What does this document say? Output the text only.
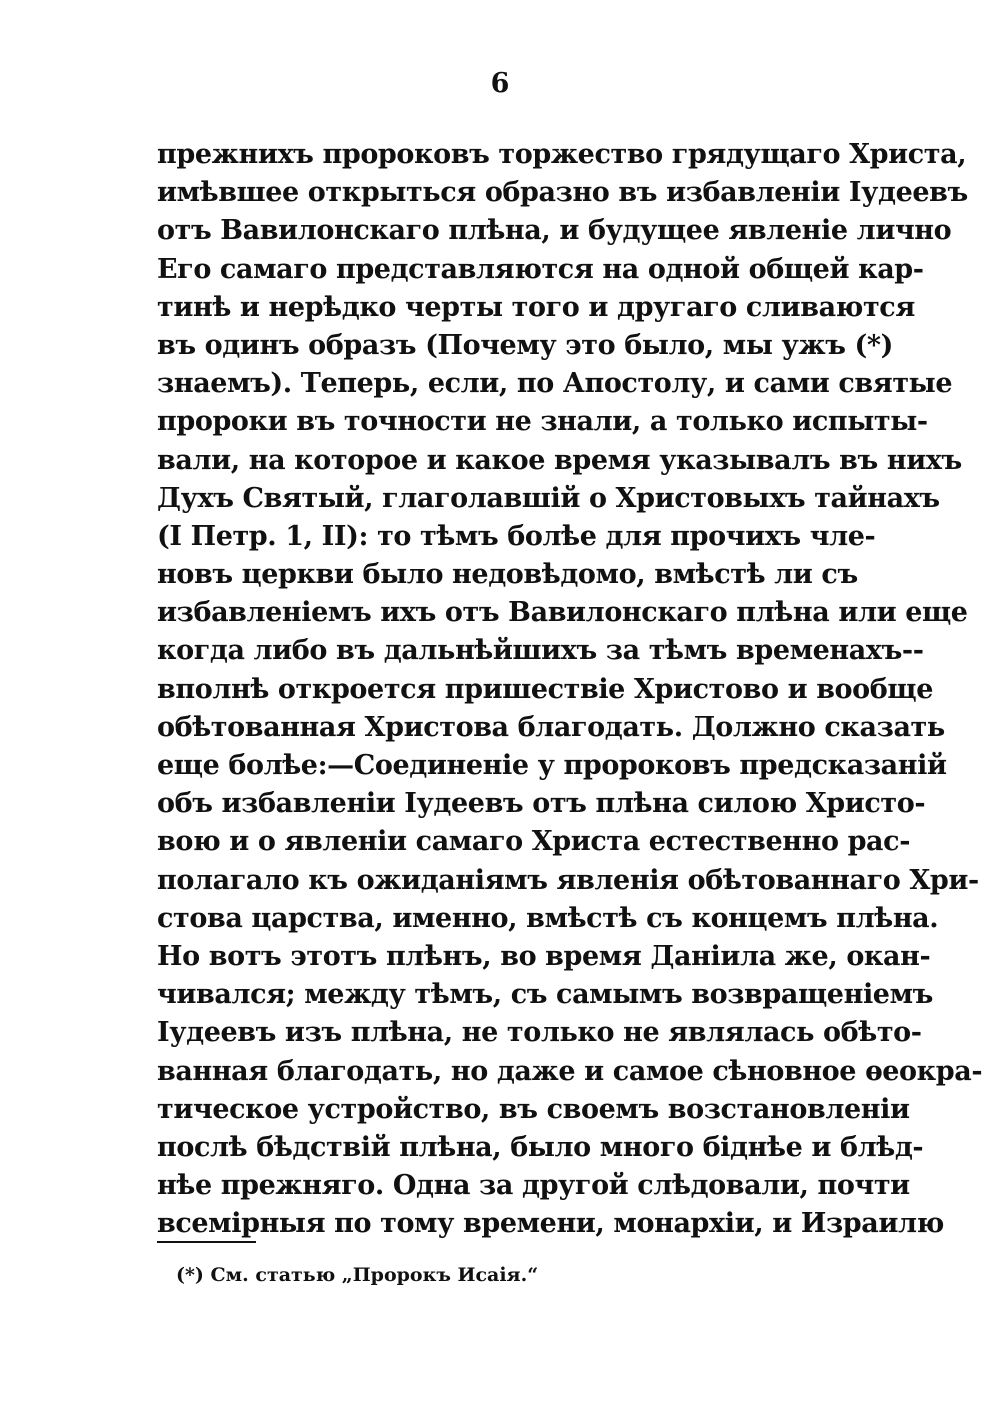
6
прежнихъ пророковъ торжество грядущаго Христа,
имѣвшее открыться образно въ избавленіи Іудеевъ
отъ Вавилонскаго плѣна, и будущее явленіе лично
Его самаго представляются на одной общей кар-
тинѣ и нерѣдко черты того и другаго сливаются
въ одинъ образъ (Почему это было, мы ужъ (*)
знаемъ). Теперь, если, по Апостолу, и сами святые
пророки въ точности не знали, а только испыты-
вали, на которое и какое время указывалъ въ нихъ
Духъ Святый, глаголавшій о Христовыхъ тайнахъ
(I Петр. 1, II): то тѣмъ болѣе для прочихъ чле-
новъ церкви было недовѣдомо, вмѣстѣ ли съ
избавленіемъ ихъ отъ Вавилонскаго плѣна или еще
когда либо въ дальнѣйшихъ за тѣмъ временахъ--
вполнѣ откроется пришествіе Христово и вообще
обѣтованная Христова благодать. Должно сказать
еще болѣе:—Соединеніе у пророковъ предсказаній
объ избавленіи Іудеевъ отъ плѣна силою Христо-
вою и о явленіи самаго Христа естественно рас-
полагало къ ожиданіямъ явленія обѣтованнаго Хри-
стова царства, именно, вмѣстѣ съ концемъ плѣна.
Но вотъ этотъ плѣнъ, во время Даніила же, окан-
чивался; между тѣмъ, съ самымъ возвращеніемъ
Іудеевъ изъ плѣна, не только не являлась обѣто-
ванная благодать, но даже и самое сѣновное ѳеокра-
тическое устройство, въ своемъ возстановленіи
послѣ бѣдствій плѣна, было много біднѣе и блѣд-
нѣе прежняго. Одна за другой слѣдовали, почти
всемірныя по тому времени, монархіи, и Израилю
(*) См. статью „Пророкъ Исаія.“
